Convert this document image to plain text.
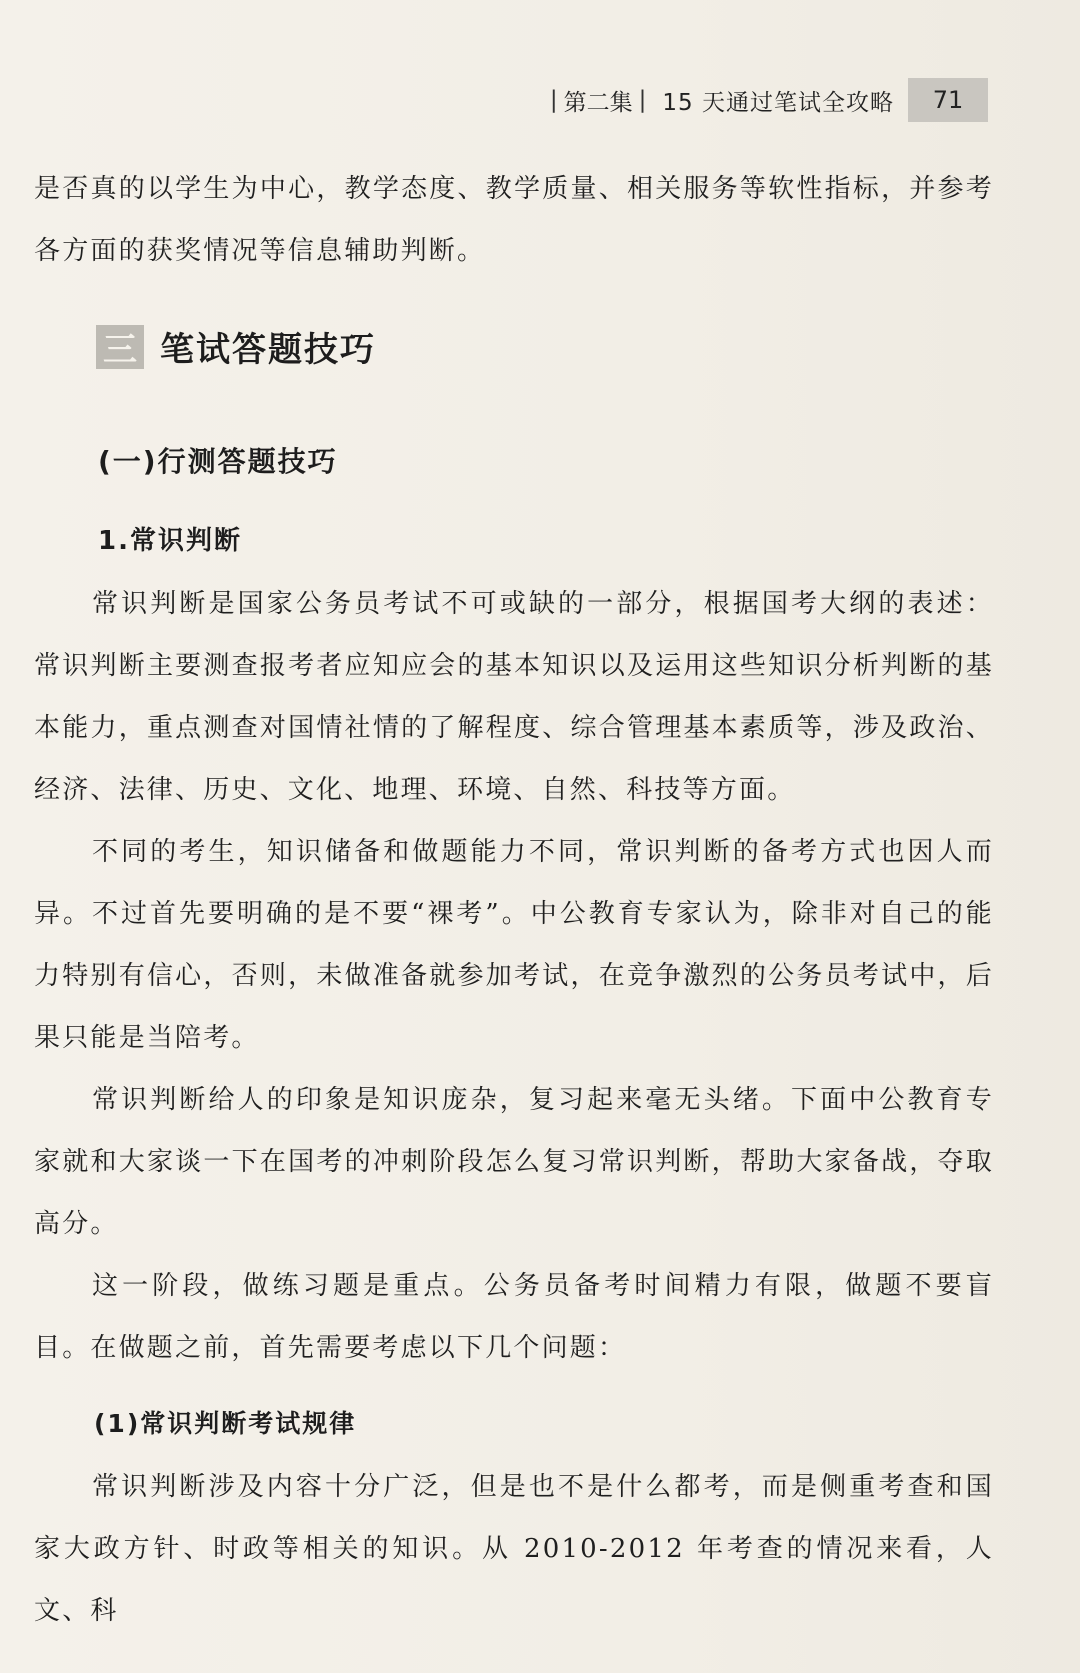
| 第二集 | 15 天通过笔试全攻略	71

是否真的以学生为中心，教学态度、教学质量、相关服务等软性指标，并参考各方面的获奖情况等信息辅助判断。

三 笔试答题技巧
(一)行测答题技巧
1.常识判断

常识判断是国家公务员考试不可或缺的一部分，根据国考大纲的表述：常识判断主要测查报考者应知应会的基本知识以及运用这些知识分析判断的基本能力，重点测查对国情社情的了解程度、综合管理基本素质等，涉及政治、经济、法律、历史、文化、地理、环境、自然、科技等方面。

不同的考生，知识储备和做题能力不同，常识判断的备考方式也因人而异。不过首先要明确的是不要“裸考”。中公教育专家认为，除非对自己的能力特别有信心，否则，未做准备就参加考试，在竞争激烈的公务员考试中，后果只能是当陪考。

常识判断给人的印象是知识庞杂，复习起来毫无头绪。下面中公教育专家就和大家谈一下在国考的冲刺阶段怎么复习常识判断，帮助大家备战，夺取高分。

这一阶段，做练习题是重点。公务员备考时间精力有限，做题不要盲目。在做题之前，首先需要考虑以下几个问题：

(1)常识判断考试规律

常识判断涉及内容十分广泛，但是也不是什么都考，而是侧重考查和国家大政方针、时政等相关的知识。从 2010-2012 年考查的情况来看，人文、科
